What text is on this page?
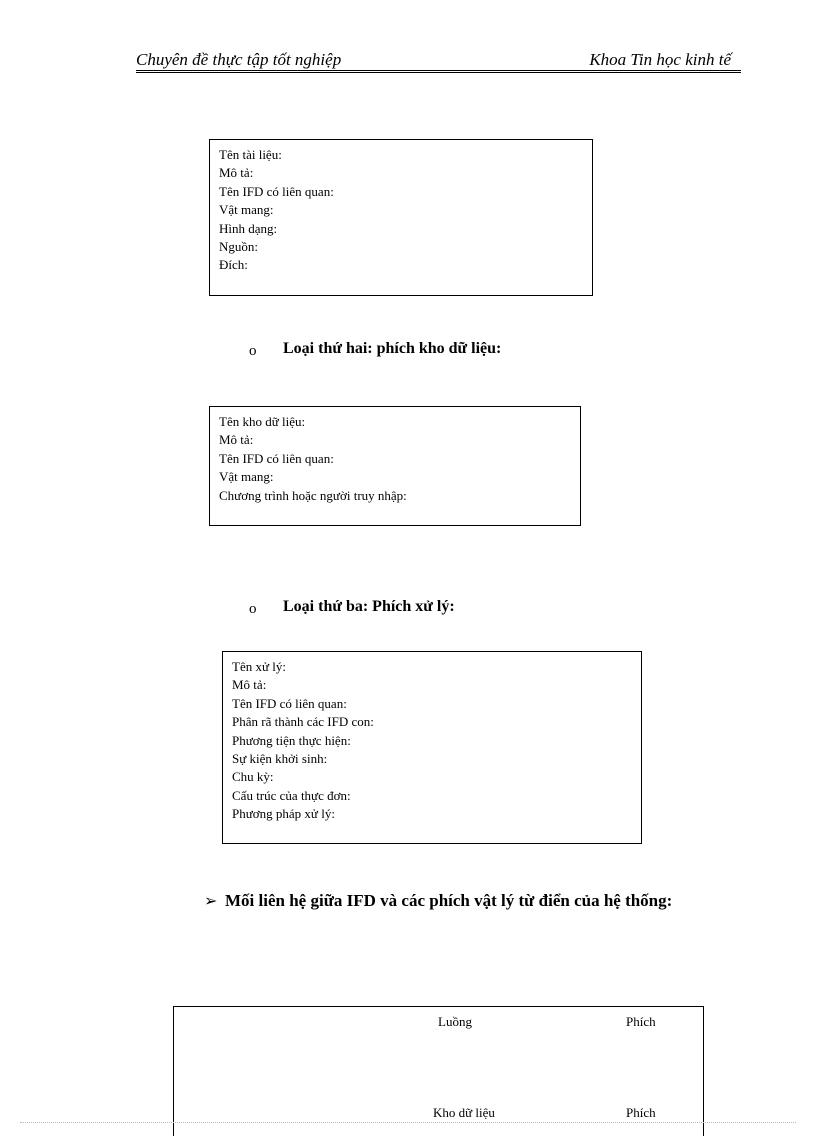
Chuyên đề thực tập tốt nghiệp	Khoa Tin học kinh tế
Tên tài liệu:
Mô tả:
Tên IFD có liên quan:
Vật mang:
Hình dạng:
Nguồn:
Đích:
o Loại thứ hai: phích kho dữ liệu:
Tên kho dữ liệu:
Mô tả:
Tên IFD có liên quan:
Vật mang:
Chương trình hoặc người truy nhập:
o Loại thứ ba: Phích xử lý:
Tên xử lý:
Mô tả:
Tên IFD có liên quan:
Phân rã thành các IFD con:
Phương tiện thực hiện:
Sự kiện khởi sinh:
Chu kỳ:
Cấu trúc của thực đơn:
Phương pháp xử lý:
➢ Mối liên hệ giữa IFD và các phích vật lý từ điển của hệ thống:
Luồng	Phích
Kho dữ liệu	Phích
